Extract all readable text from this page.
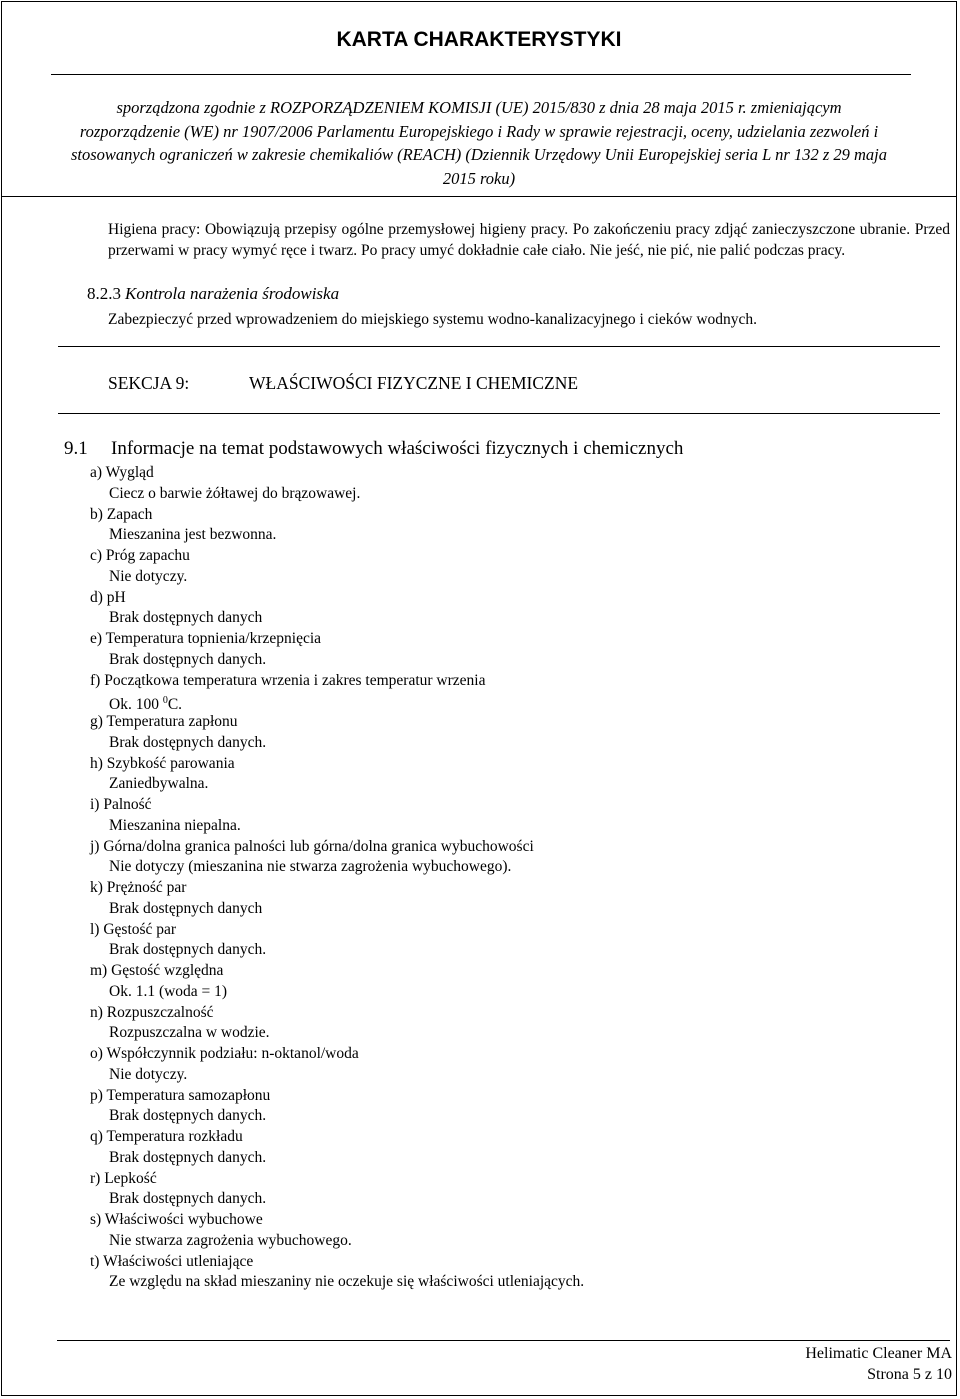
KARTA CHARAKTERYSTYKI
sporządzona zgodnie z ROZPORZĄDZENIEM KOMISJI (UE) 2015/830 z dnia 28 maja 2015 r. zmieniającym
rozporządzenie (WE) nr 1907/2006 Parlamentu Europejskiego i Rady w sprawie rejestracji, oceny, udzielania zezwoleń i
stosowanych ograniczeń w zakresie chemikaliów (REACH) (Dziennik Urzędowy Unii Europejskiej seria L nr 132 z 29 maja
2015 roku)
Higiena pracy: Obowiązują przepisy ogólne przemysłowej higieny pracy. Po zakończeniu pracy zdjąć zanieczyszczone ubranie. Przed przerwami w pracy wymyć ręce i twarz. Po pracy umyć dokładnie całe ciało. Nie jeść, nie pić, nie palić podczas pracy.
8.2.3 Kontrola narażenia środowiska
Zabezpieczyć przed wprowadzeniem do miejskiego systemu wodno-kanalizacyjnego i cieków wodnych.
SEKCJA 9:	WŁAŚCIWOŚCI FIZYCZNE I CHEMICZNE
9.1 Informacje na temat podstawowych właściwości fizycznych i chemicznych
a) Wygląd
Ciecz o barwie żółtawej do brązowawej.
b) Zapach
Mieszanina jest bezwonna.
c) Próg zapachu
Nie dotyczy.
d) pH
Brak dostępnych danych
e) Temperatura topnienia/krzepnięcia
Brak dostępnych danych.
f) Początkowa temperatura wrzenia i zakres temperatur wrzenia
Ok. 100 $^0$C.
g) Temperatura zapłonu
Brak dostępnych danych.
h) Szybkość parowania
Zaniedbywalna.
i) Palność
Mieszanina niepalna.
j) Górna/dolna granica palności lub górna/dolna granica wybuchowości
Nie dotyczy (mieszanina nie stwarza zagrożenia wybuchowego).
k) Prężność par
Brak dostępnych danych
l) Gęstość par
Brak dostępnych danych.
m) Gęstość względna
Ok. 1.1 (woda = 1)
n) Rozpuszczalność
Rozpuszczalna w wodzie.
o) Współczynnik podziału: n-oktanol/woda
Nie dotyczy.
p) Temperatura samozapłonu
Brak dostępnych danych.
q) Temperatura rozkładu
Brak dostępnych danych.
r) Lepkość
Brak dostępnych danych.
s) Właściwości wybuchowe
Nie stwarza zagrożenia wybuchowego.
t) Właściwości utleniające
Ze względu na skład mieszaniny nie oczekuje się właściwości utleniających.
Helimatic Cleaner MA
Strona 5 z 10
